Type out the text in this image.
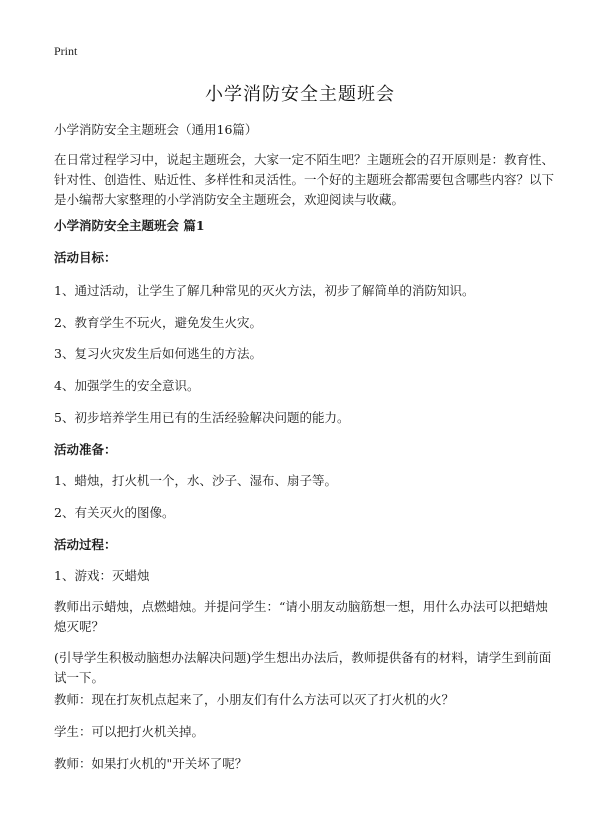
Print
小学消防安全主题班会
小学消防安全主题班会（通用16篇）
在日常过程学习中，说起主题班会，大家一定不陌生吧？主题班会的召开原则是：教育性、针对性、创造性、贴近性、多样性和灵活性。一个好的主题班会都需要包含哪些内容？以下是小编帮大家整理的小学消防安全主题班会，欢迎阅读与收藏。
小学消防安全主题班会 篇1
活动目标：
1、通过活动，让学生了解几种常见的灭火方法，初步了解简单的消防知识。
2、教育学生不玩火，避免发生火灾。
3、复习火灾发生后如何逃生的方法。
4、加强学生的安全意识。
5、初步培养学生用已有的生活经验解决问题的能力。
活动准备：
1、蜡烛，打火机一个，水、沙子、湿布、扇子等。
2、有关灭火的图像。
活动过程：
1、游戏：灭蜡烛
教师出示蜡烛，点燃蜡烛。并提问学生：“请小朋友动脑筋想一想，用什么办法可以把蜡烛熄灭呢？
(引导学生积极动脑想办法解决问题)学生想出办法后，教师提供备有的材料，请学生到前面试一下。
教师：现在打灰机点起来了，小朋友们有什么方法可以灭了打火机的火？
学生：可以把打火机关掉。
教师：如果打火机的"开关坏了呢？
